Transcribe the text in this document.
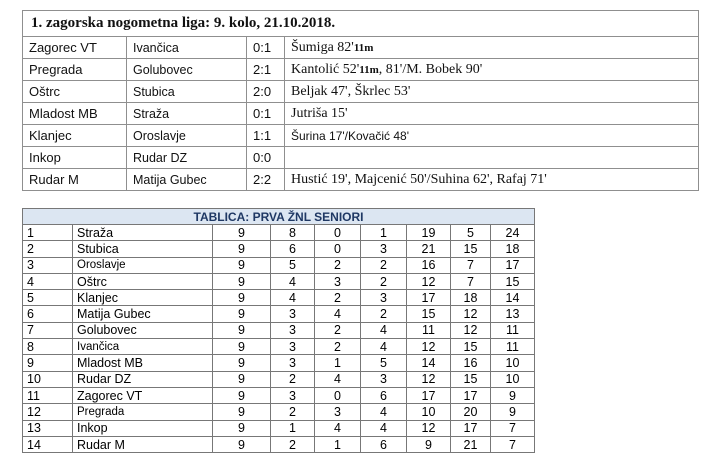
1. zagorska nogometna liga: 9. kolo, 21.10.2018.			
Zagorec VT	Ivančica	0:1	Šumiga 82'11m
Pregrada	Golubovec	2:1	Kantolić 52'11m, 81'/M. Bobek 90'
Oštrc	Stubica	2:0	Beljak 47', Škrlec 53'
Mladost MB	Straža	0:1	Jutriša 15'
Klanjec	Oroslavje	1:1	Šurina 17'/Kovačić 48'
Inkop	Rudar DZ	0:0	
Rudar M	Matija Gubec	2:2	Hustić 19', Majcenić 50'/Suhina 62', Rafaj 71'
TABLICA: PRVA ŽNL SENIORI								
1	Straža	9	8	0	1	19	5	24
2	Stubica	9	6	0	3	21	15	18
3	Oroslavje	9	5	2	2	16	7	17
4	Oštrc	9	4	3	2	12	7	15
5	Klanjec	9	4	2	3	17	18	14
6	Matija Gubec	9	3	4	2	15	12	13
7	Golubovec	9	3	2	4	11	12	11
8	Ivančica	9	3	2	4	12	15	11
9	Mladost MB	9	3	1	5	14	16	10
10	Rudar DZ	9	2	4	3	12	15	10
11	Zagorec VT	9	3	0	6	17	17	9
12	Pregrada	9	2	3	4	10	20	9
13	Inkop	9	1	4	4	12	17	7
14	Rudar M	9	2	1	6	9	21	7
